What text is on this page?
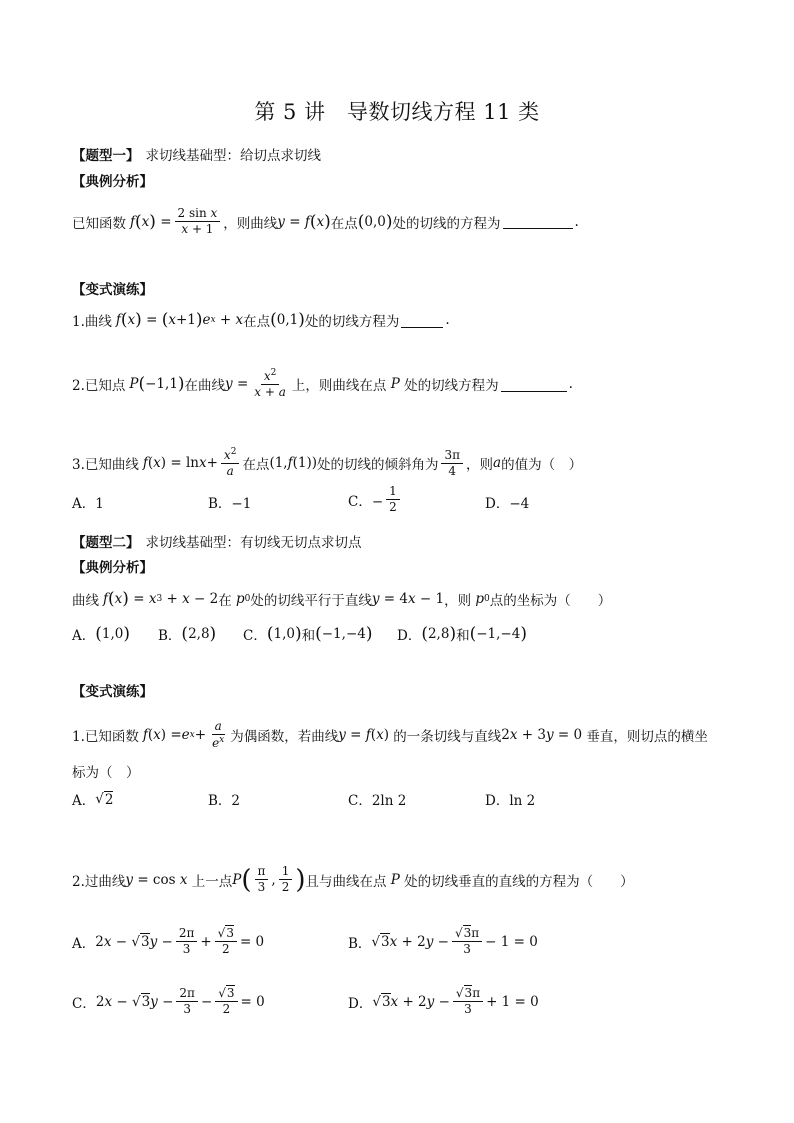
第 5 讲　导数切线方程 11 类
【题型一】 求切线基础型：给切点求切线
【典例分析】
已知函数 f ( x ) = $\frac{\text{2 sin x}}{x + 1}$ ，则曲线 y = f ( x ) 在点 ( 0,0 ) 处的切线的方程为	.
【变式演练】
1.曲线 f ( x ) = ( x +1 ) e x + x 在点 ( 0,1 ) 处的切线方程为	.
2.已知点 P ( −1,1 ) 在曲线 $y = \frac{x^2}{x + a}$ 上，则曲线在点 P 处的切线方程为	.
3.已知曲线 f ( x ) = $\ln x + \frac{x^2}{a}$ 在点 (1, f (1)) 处的切线的倾斜角为 $\frac{3\pi}{4}$ ，则 a 的值为（　）
A．1	B．−1	C．− $\frac{1}{2}$	D．−4
【题型二】 求切线基础型：有切线无切点求切点
【典例分析】
曲线 f ( x ) = x 3 + x − 2 在 p 0 处的切线平行于直线 y = 4 x − 1 ，则 p 0 点的坐标为（　　）
A． ( 1,0 ) B． ( 2,8 ) C． ( 1,0 ) 和 ( −1,−4 ) D． ( 2,8 ) 和 ( −1,−4 )
【变式演练】
1.已知函数 f ( x ) = e $x + \frac{a}{e^x}$ 为偶函数，若曲线 y = f ( x ) 的一条切线与直线 2 x + 3 y = 0 垂直，则切点的横坐
标为（　）
A． √ 2	B．2	C．2ln 2	D．ln 2
2.过曲线 y = cos x
上一点 P ( $\frac{\pi}{3}$ , $\frac{1}{2}$ ) 且与曲线在点 P 处的切线垂直的直线的方程为（　　）
A． 2 x − √ 3 $y - \frac{2\pi}{3} + \frac{√3}{2} = 0$	B． √ 3 x + 2 $y - \frac{√3\pi}{3} - 1 = 0$
C． 2 x − √ 3 $y - \frac{2\pi}{3} - \frac{√3}{2} = 0$	D． √ 3 x + 2 $y - \frac{√3\pi}{3} + 1 = 0$
